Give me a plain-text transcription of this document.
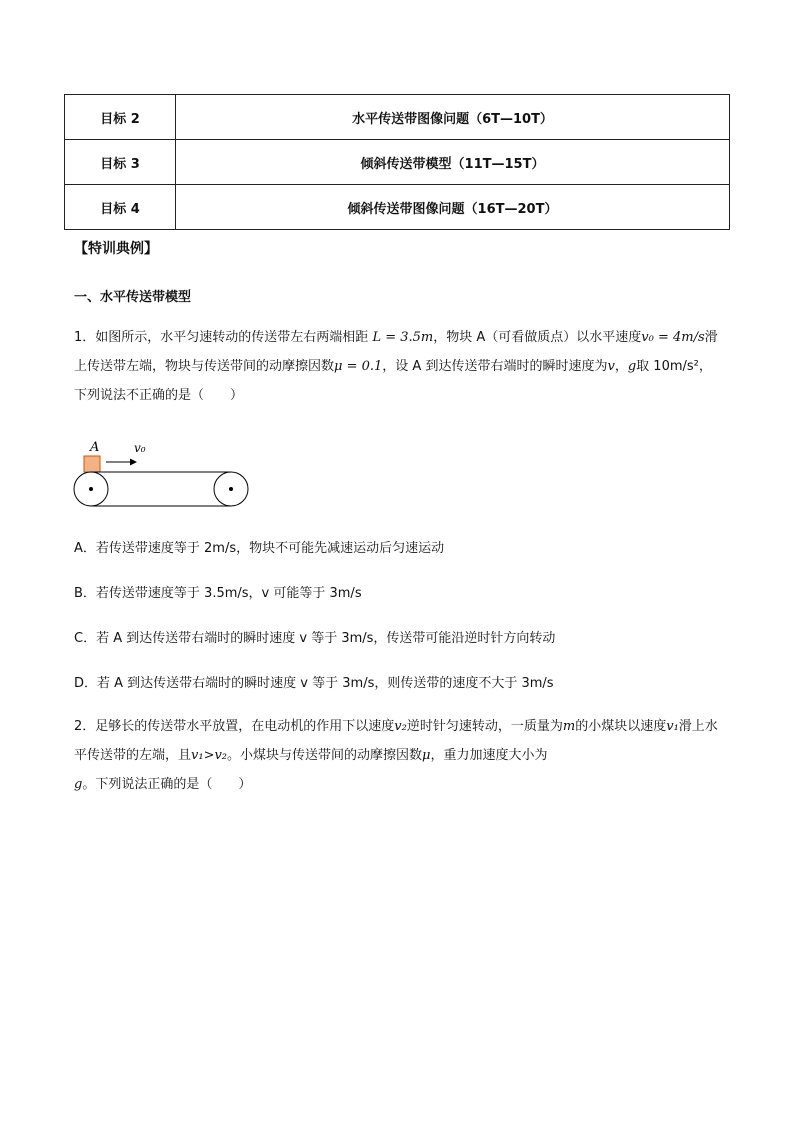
目标 2	水平传送带图像问题（6T—10T）
目标 3	倾斜传送带模型（11T—15T）
目标 4	倾斜传送带图像问题（16T—20T）
【特训典例】
一、水平传送带模型
1．如图所示，水平匀速转动的传送带左右两端相距 L = 3.5m，物块 A（可看做质点）以水平速度v₀ = 4m/s滑上传送带左端，物块与传送带间的动摩擦因数μ = 0.1，设 A 到达传送带右端时的瞬时速度为v，g取 10m/s²，下列说法不正确的是（　　）
A	v₀
A．若传送带速度等于 2m/s，物块不可能先减速运动后匀速运动
B．若传送带速度等于 3.5m/s，v 可能等于 3m/s
C．若 A 到达传送带右端时的瞬时速度 v 等于 3m/s，传送带可能沿逆时针方向转动
D．若 A 到达传送带右端时的瞬时速度 v 等于 3m/s，则传送带的速度不大于 3m/s
2．足够长的传送带水平放置，在电动机的作用下以速度v₂逆时针匀速转动，一质量为m的小煤块以速度v₁滑上水平传送带的左端，且v₁>v₂。小煤块与传送带间的动摩擦因数μ，重力加速度大小为g。下列说法正确的是（　　）
